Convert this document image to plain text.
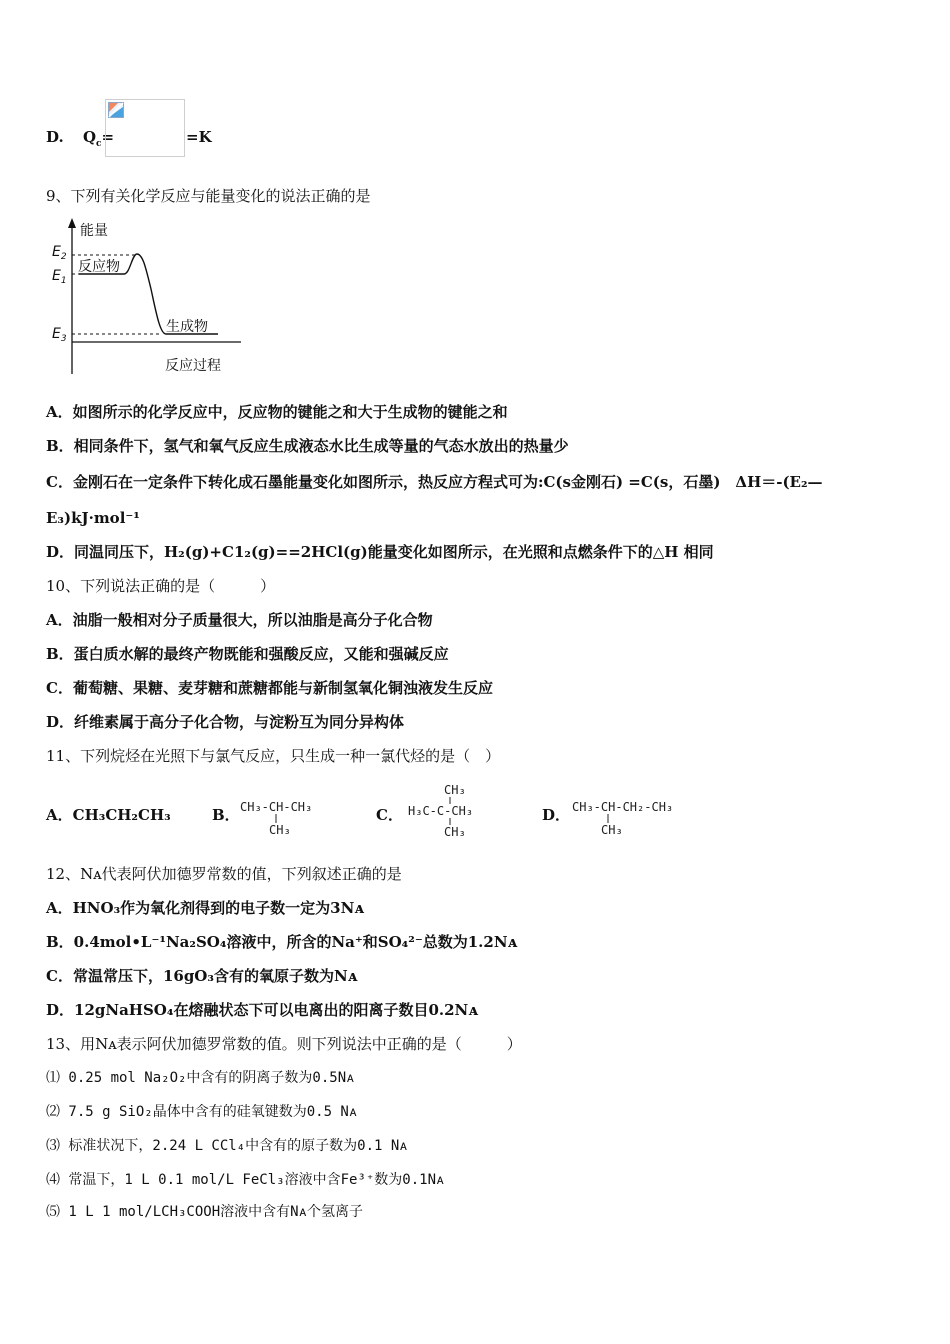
D. $Q_c=$	=K
9、下列有关化学反应与能量变化的说法正确的是
能量
反应过程
$E_2$
$E_1$
$E_3$
反应物
生成物
A．如图所示的化学反应中，反应物的键能之和大于生成物的键能之和
B．相同条件下，氢气和氧气反应生成液态水比生成等量的气态水放出的热量少
C．金刚石在一定条件下转化成石墨能量变化如图所示，热反应方程式可为:C(s金刚石) =C(s，石墨)　ΔH＝-(E₂—
E₃)kJ·mol⁻¹
D．同温同压下，H₂(g)+C1₂(g)==2HCl(g)能量变化如图所示，在光照和点燃条件下的△H 相同
10、下列说法正确的是（　　　）
A．油脂一般相对分子质量很大，所以油脂是高分子化合物
B．蛋白质水解的最终产物既能和强酸反应，又能和强碱反应
C．葡萄糖、果糖、麦芽糖和蔗糖都能与新制氢氧化铜浊液发生反应
D．纤维素属于高分子化合物，与淀粉互为同分异构体
11、下列烷烃在光照下与氯气反应，只生成一种一氯代烃的是（　）
A．CH₃CH₂CH₃	B． CH₃-CH-CH₃
CH₃
C．
CH₃
H₃C-C-CH₃
CH₃
D． CH₃-CH-CH₂-CH₃
CH₃
12、Nᴀ代表阿伏加德罗常数的值，下列叙述正确的是
A．HNO₃作为氧化剂得到的电子数一定为3Nᴀ
B．0.4mol•L⁻¹Na₂SO₄溶液中，所含的Na⁺和SO₄²⁻总数为1.2Nᴀ
C．常温常压下，16gO₃含有的氧原子数为Nᴀ
D．12gNaHSO₄在熔融状态下可以电离出的阳离子数目0.2Nᴀ
13、用Nᴀ表示阿伏加德罗常数的值。则下列说法中正确的是（　　　）
⑴ 0.25 mol Na₂O₂中含有的阴离子数为0.5Nᴀ
⑵ 7.5 g SiO₂晶体中含有的硅氧键数为0.5 Nᴀ
⑶ 标准状况下，2.24 L CCl₄中含有的原子数为0.1 Nᴀ
⑷ 常温下，1 L 0.1 mol/L FeCl₃溶液中含Fe³⁺数为0.1Nᴀ
⑸ 1 L 1 mol/LCH₃COOH溶液中含有Nᴀ个氢离子
